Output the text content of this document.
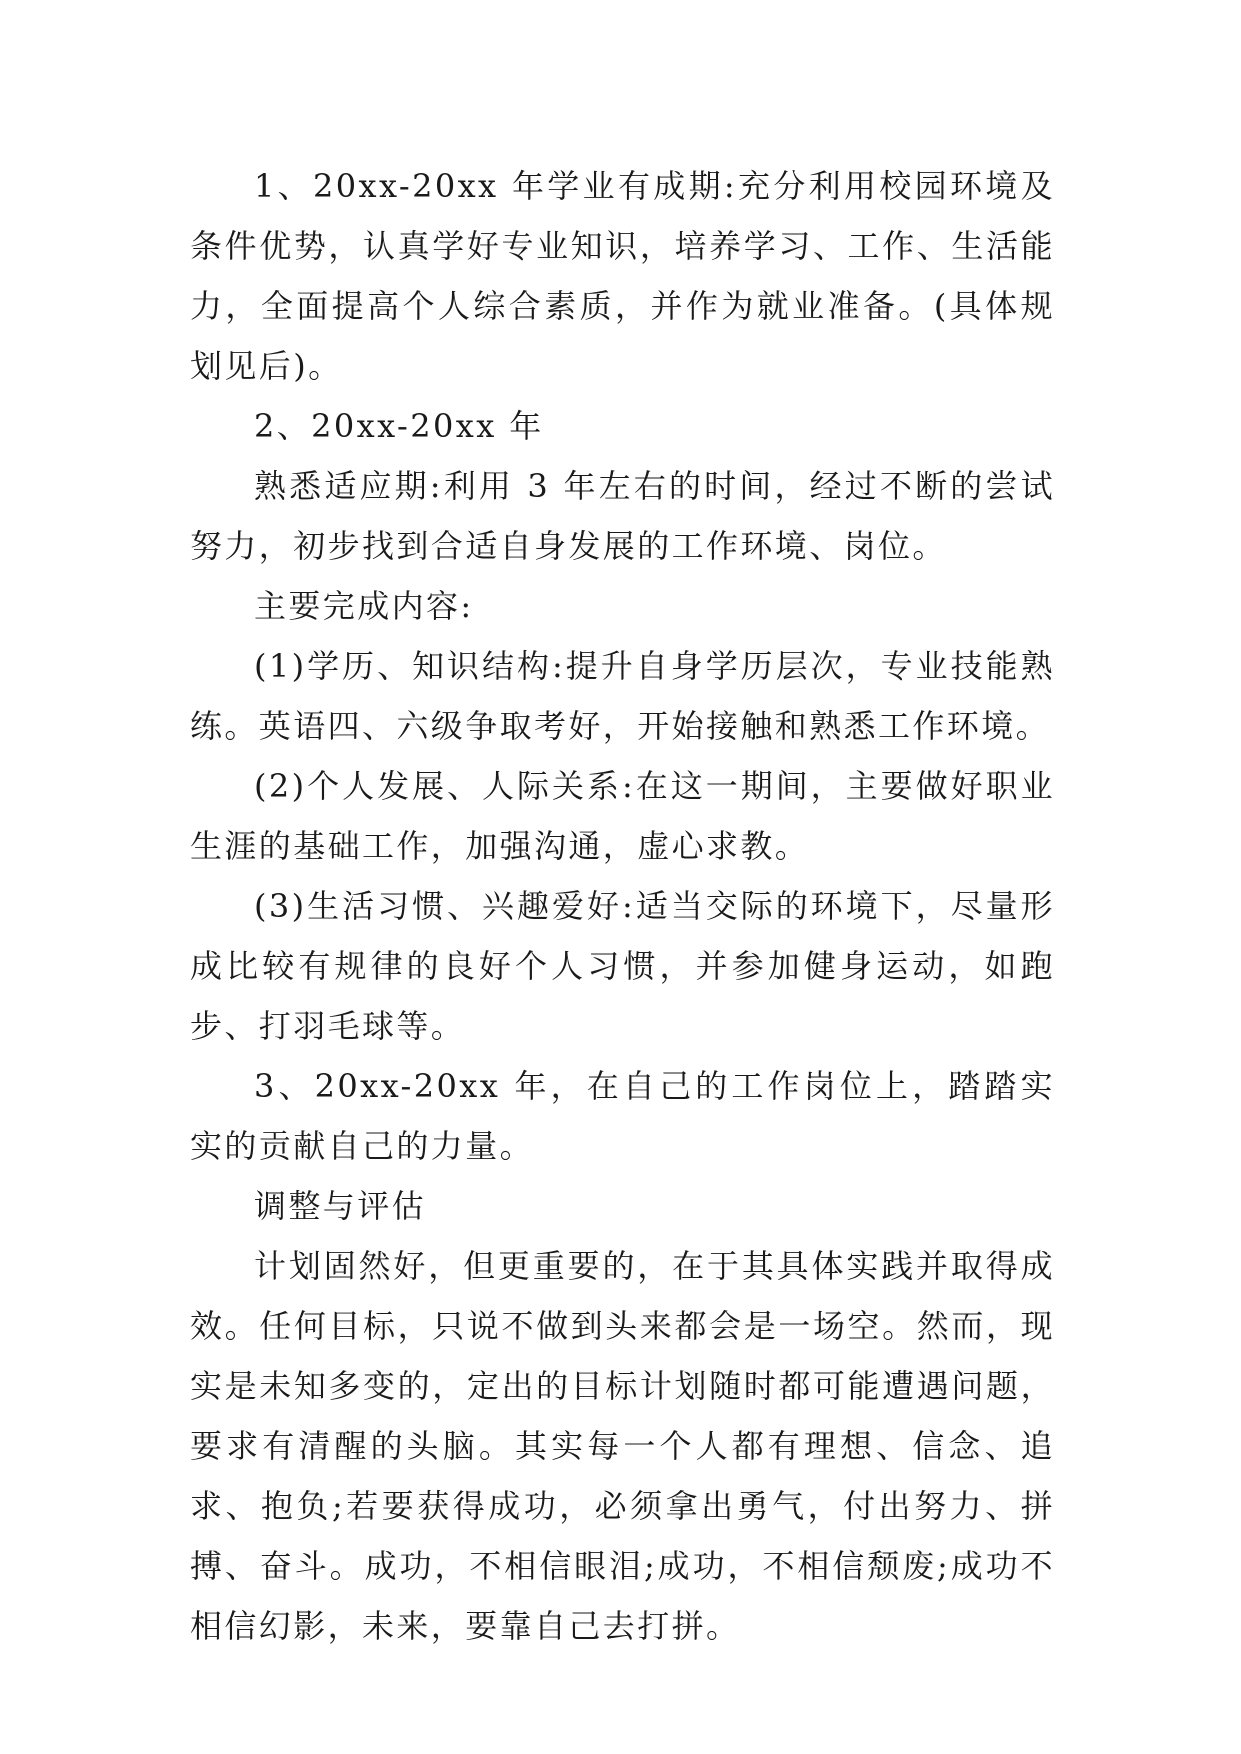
1、20xx-20xx 年学业有成期:充分利用校园环境及条件优势，认真学好专业知识，培养学习、工作、生活能力，全面提高个人综合素质，并作为就业准备。(具体规划见后)。

2、20xx-20xx 年

熟悉适应期:利用 3 年左右的时间，经过不断的尝试努力，初步找到合适自身发展的工作环境、岗位。

主要完成内容:

(1)学历、知识结构:提升自身学历层次，专业技能熟练。英语四、六级争取考好，开始接触和熟悉工作环境。

(2)个人发展、人际关系:在这一期间，主要做好职业生涯的基础工作，加强沟通，虚心求教。

(3)生活习惯、兴趣爱好:适当交际的环境下，尽量形成比较有规律的良好个人习惯，并参加健身运动，如跑步、打羽毛球等。

3、20xx-20xx 年，在自己的工作岗位上，踏踏实实的贡献自己的力量。

调整与评估

计划固然好，但更重要的，在于其具体实践并取得成效。任何目标，只说不做到头来都会是一场空。然而，现实是未知多变的，定出的目标计划随时都可能遭遇问题，要求有清醒的头脑。其实每一个人都有理想、信念、追求、抱负;若要获得成功，必须拿出勇气，付出努力、拼搏、奋斗。成功，不相信眼泪;成功，不相信颓废;成功不相信幻影，未来，要靠自己去打拼。
